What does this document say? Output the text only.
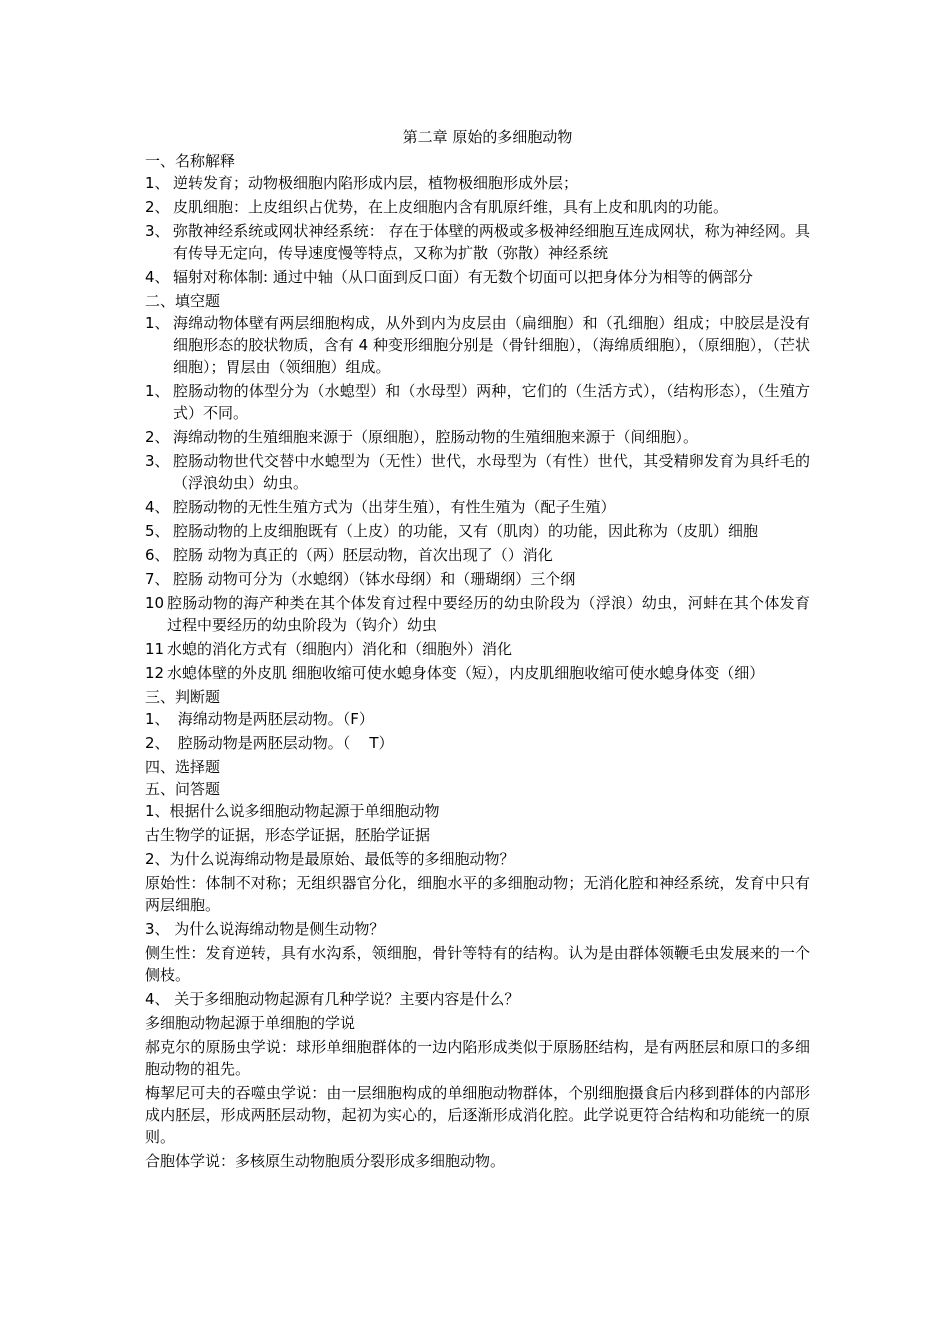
第二章 原始的多细胞动物
一、名称解释
1、 逆转发育；动物极细胞内陷形成内层，植物极细胞形成外层；
2、 皮肌细胞：上皮组织占优势，在上皮细胞内含有肌原纤维，具有上皮和肌肉的功能。
3、 弥散神经系统或网状神经系统： 存在于体壁的两极或多极神经细胞互连成网状，称为神经网。具有传导无定向，传导速度慢等特点，又称为扩散（弥散）神经系统
4、 辐射对称体制: 通过中轴（从口面到反口面）有无数个切面可以把身体分为相等的俩部分
二、填空题
1、 海绵动物体壁有两层细胞构成，从外到内为皮层由（扁细胞）和（孔细胞）组成；中胶层是没有细胞形态的胶状物质，含有 4 种变形细胞分别是（骨针细胞），（海绵质细胞），（原细胞），（芒状细胞）；胃层由（领细胞）组成。
1、 腔肠动物的体型分为（水螅型）和（水母型）两种，它们的（生活方式），（结构形态），（生殖方式）不同。
2、 海绵动物的生殖细胞来源于（原细胞），腔肠动物的生殖细胞来源于（间细胞）。
3、 腔肠动物世代交替中水螅型为（无性）世代，水母型为（有性）世代，其受精卵发育为具纤毛的（浮浪幼虫）幼虫。
4、 腔肠动物的无性生殖方式为（出芽生殖），有性生殖为（配子生殖）
5、 腔肠动物的上皮细胞既有（上皮）的功能，又有（肌肉）的功能，因此称为（皮肌）细胞
6、 腔肠 动物为真正的（两）胚层动物，首次出现了（）消化
7、 腔肠 动物可分为（水螅纲）（钵水母纲）和（珊瑚纲）三个纲
10 腔肠动物的海产种类在其个体发育过程中要经历的幼虫阶段为（浮浪）幼虫，河蚌在其个体发育过程中要经历的幼虫阶段为（钩介）幼虫
11 水螅的消化方式有（细胞内）消化和（细胞外）消化
12 水螅体壁的外皮肌 细胞收缩可使水螅身体变（短），内皮肌细胞收缩可使水螅身体变（细）
三、判断题
1、 海绵动物是两胚层动物。（F）
2、 腔肠动物是两胚层动物。（    T）
四、选择题
五、问答题
1、根据什么说多细胞动物起源于单细胞动物
古生物学的证据，形态学证据，胚胎学证据
2、为什么说海绵动物是最原始、最低等的多细胞动物？
原始性：体制不对称；无组织器官分化，细胞水平的多细胞动物；无消化腔和神经系统，发育中只有两层细胞。
3、 为什么说海绵动物是侧生动物？
侧生性：发育逆转，具有水沟系，领细胞，骨针等特有的结构。认为是由群体领鞭毛虫发展来的一个侧枝。
4、 关于多细胞动物起源有几种学说？主要内容是什么？
多细胞动物起源于单细胞的学说
郝克尔的原肠虫学说：球形单细胞群体的一边内陷形成类似于原肠胚结构，是有两胚层和原口的多细胞动物的祖先。
梅挈尼可夫的吞噬虫学说：由一层细胞构成的单细胞动物群体，个别细胞摄食后内移到群体的内部形成内胚层，形成两胚层动物，起初为实心的，后逐渐形成消化腔。此学说更符合结构和功能统一的原则。
合胞体学说：多核原生动物胞质分裂形成多细胞动物。
